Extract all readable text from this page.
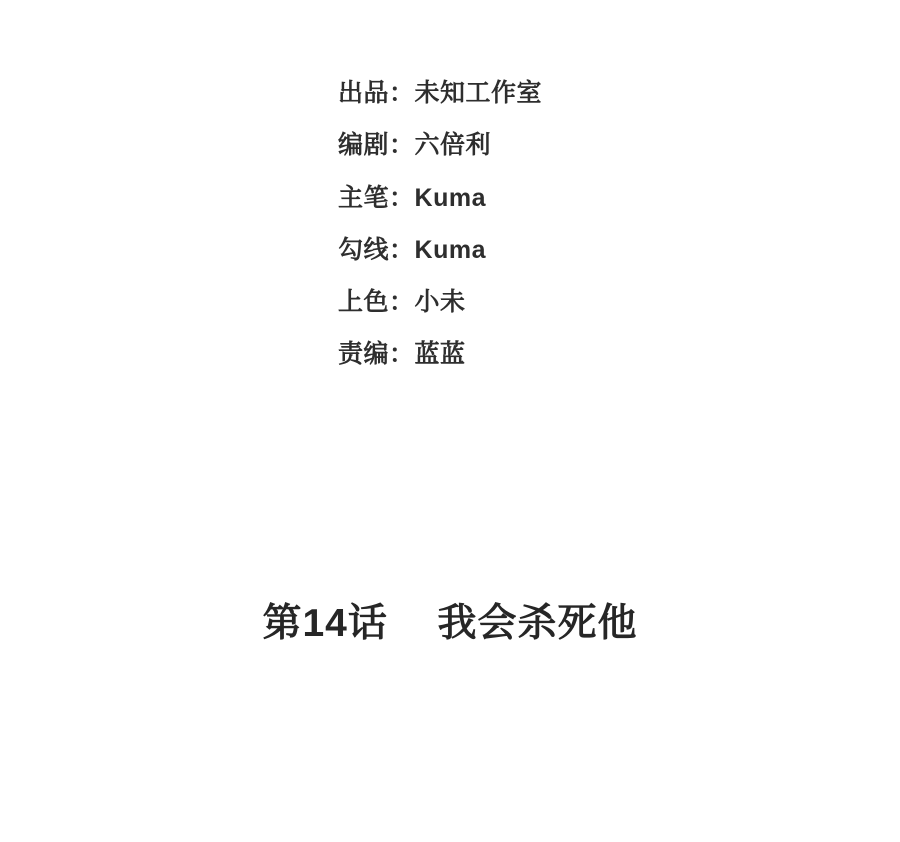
出品 ： 未知工作室
编剧 ： 六倍利
主笔 ： Kuma
勾线 ： Kuma
上色 ： 小未
责编 ： 蓝蓝
第14话 我会杀死他
